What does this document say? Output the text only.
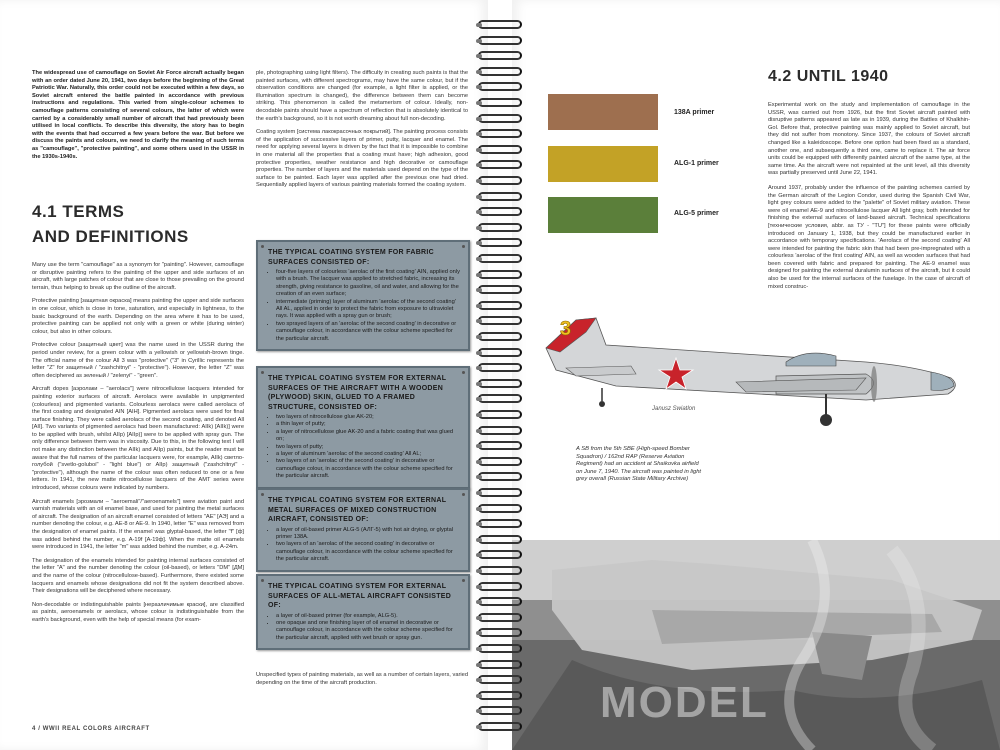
The widespread use of camouflage on Soviet Air Force aircraft actually began with an order dated June 20, 1941, two days before the beginning of the Great Patriotic War. Naturally, this order could not be executed within a few days, so Soviet aircraft entered the battle painted in accordance with previous instructions and regulations. This varied from single-colour schemes to camouflage patterns consisting of several colours, the latter of which were carried by a considerably small number of aircraft that had previously been utilised in local conflicts. To describe this diversity, the story has to begin with the events that had occurred a few years before the war. But before we discuss the paints and colours, we need to clarify the meaning of such terms as "camouflage", "protective painting", and some others used in the USSR in the 1930s-1940s.

4.1 TERMS
AND DEFINITIONS

Many use the term "camouflage" as a synonym for "painting". However, camouflage or disruptive painting refers to the painting of the upper and side surfaces of an aircraft, with large patches of colour that are close to those prevailing on the ground terrain, thus helping to break up the outline of the aircraft.

Protective painting [защитная окраска] means painting the upper and side surfaces in one colour, which is close in tone, saturation, and especially in lightness, to the basic background of the earth. Depending on the area where it has to be used, protective painting can be applied not only with a green or white (during winter) colour, but also in other colours.

Protective colour [защитный цвет] was the name used in the USSR during the period under review, for a green colour with a yellowish or yellowish-brown tinge. The official name of the colour All 3 was "protective" ("3" in Cyrillic represents the letter "Z" for защитный / "zashchitnyi" - "protective"). However, the letter "Z" was often deciphered as зеленый / "zelenyi" - "green".

Aircraft dopes [аэролаки – "aerolacs"] were nitrocellulose lacquers intended for painting exterior surfaces of aircraft. Aerolacs were available in unpigmented (colourless) and pigmented variants. Colourless aerolacs were called aerolacs of the first coating and designated AIN [АІН]. Pigmented aerolacs were used for final surface finishing. They were called aerolacs of the second coating, and denoted All [АІІ]. Two variants of pigmented aerolacs had been manufactured: AIIk) [AIIk)] were to be applied with brush, whilst AIIp) [AIIp)] were to be applied with spray gun. The only difference between them was in viscosity. Due to this, in the following text I will not make any distinction between the AIIk) and AIIp) paints, but the reader must be aware that the full names of the particular lacquers were, for example, AIIk) светло-голубой ("svetlo-goluboi" - "light blue") or AIIp) защитный ("zashchitnyi" - "protective"), although the name of the colour was often reduced to one or a few letters. In 1941, the new matte nitrocellulose lacquers of the AMT series were introduced, whose colours were indicated by numbers.

Aircraft enamels [эрозмали – "aeroemali"/"aeroenamels"] were aviation paint and varnish materials with an oil enamel base, and used for painting the metal surfaces of aircraft. The designation of an aircraft enamel consisted of letters "AE" [АЭ] and a number denoting the colour, e.g. AE-8 or AE-9. In 1940, letter "E" was removed from the designation of enamel paints. If the enamel was glyptal-based, the letter "f" [ф] was added behind the number, e.g. A-19f [А-19ф]. When the matte oil enamels were introduced in 1941, the letter "m" was added behind the number, e.g. A-24m.

The designation of the enamels intended for painting internal surfaces consisted of the letter "A" and the number denoting the colour (oil-based), or letters "DM" [ДМ] and the name of the colour (nitrocellulose-based). Furthermore, there existed some lacquers and enamels whose designations did not fit the system described above. Their designations will be deciphered where necessary.

Non-decodable or indistinguishable paints [неразличимые краски], are classified as paints, aeroenamels or aerolacs, whose colour is indistinguishable from the earth's background, even with the help of special means (for exam-

ple, photographing using light filters). The difficulty in creating such paints is that the painted surfaces, with different spectrograms, may have the same colour, but if the observation conditions are changed (for example, a light filter is applied, or the illumination spectrum is changed), the difference between them can become striking. This phenomenon is called the metamerism of colour. Ideally, non-decodable paints should have a spectrum of reflection that is absolutely identical to the earth's background, so it is not worth dreaming about full non-decoding.

Coating system [система лакокрасочных покрытий]. The painting process consists of the application of successive layers of primer, putty, lacquer and enamel. The need for applying several layers is driven by the fact that it is impossible to combine in one material all the properties that a coating must have; high adhesion, good protective properties, weather resistance and high decorative or camouflage properties. The number of layers and the materials used depend on the type of the surface to be painted. Each layer was applied after the previous one had dried. Sequentially applied layers of various painting materials formed the coating system.

THE TYPICAL COATING SYSTEM FOR FABRIC SURFACES CONSISTED OF:
• four-five layers of colourless 'aerolac of the first coating' AIN, applied only with a brush. The lacquer was applied to stretched fabric, increasing its strength, giving resistance to gasoline, oil and water, and allowing for the creation of an even surface;
• intermediate (priming) layer of aluminum 'aerolac of the second coating' All AL, applied in order to protect the fabric from exposure to ultraviolet rays. It was applied with a spray gun or brush;
• two sprayed layers of an 'aerolac of the second coating' in decorative or camouflage colour, in accordance with the colour scheme specified for the particular aircraft.
THE TYPICAL COATING SYSTEM FOR EXTERNAL SURFACES OF THE AIRCRAFT WITH A WOODEN (PLYWOOD) SKIN, GLUED TO A FRAMED STRUCTURE, CONSISTED OF:
• two layers of nitrocellulose glue AK-20;
• a thin layer of putty;
• a layer of nitrocellulose glue AK-20 and a fabric coating that was glued on;
• two layers of putty;
• a layer of aluminum 'aerolac of the second coating' All AL;
• two layers of an 'aerolac of the second coating' in decorative or camouflage colour, in accordance with the colour scheme specified for the particular aircraft.
THE TYPICAL COATING SYSTEM FOR EXTERNAL METAL SURFACES OF MIXED CONSTRUCTION AIRCRAFT, CONSISTED OF:
• a layer of oil-based primer ALG-5 (АЛГ-5) with hot air drying, or glyptal primer 138A.
• two layers of an 'aerolac of the second coating' in decorative or camouflage colour, in accordance with the colour scheme specified for the particular aircraft.
THE TYPICAL COATING SYSTEM FOR EXTERNAL SURFACES OF ALL-METAL AIRCRAFT CONSISTED OF:
• a layer of oil-based primer (for example, ALG-5).
• one opaque and one finishing layer of oil enamel in decorative or camouflage colour, in accordance with the colour scheme specified for the particular aircraft, applied with wet brush or spray gun.

Unspecified types of painting materials, as well as a number of certain layers, varied depending on the time of the aircraft production.

4 / WWII REAL COLORS AIRCRAFT
4.2 UNTIL 1940
138A primer
ALG-1 primer
ALG-5 primer

Experimental work on the study and implementation of camouflage in the USSR, was carried out from 1926, but the first Soviet aircraft painted with disruptive patterns appeared as late as in 1939, during the Battles of Khalkhin-Gol. Before that, protective painting was mainly applied to Soviet aircraft, but they did not suffer from monotony. Since 1937, the colours of Soviet aircraft changed like a kaleidoscope. Before one option had been fixed as a standard, another one, and subsequently a third one, came to replace it. The air force units could be equipped with differently painted aircraft of the same type, at the same time. As the aircraft were not repainted at the unit level, all this diversity was partially preserved until June 22, 1941.

Around 1937, probably under the influence of the painting schemes carried by the German aircraft of the Legion Condor, used during the Spanish Civil War, light grey colours were added to the "palette" of Soviet military aviation. These were oil enamel AE-9 and nitrocellulose lacquer All light gray, both intended for finishing the external surfaces of land-based aircraft. Technical specifications [технические условия, abbr. as ТУ - "TU"] for these paints were officially introduced on January 1, 1938, but they could be manufactured earlier in accordance with temporary specifications. 'Aerolacs of the second coating' All were intended for painting the fabric skin that had been pre-impregnated with a colourless 'aerolac of the first coating' AIN, as well as wooden surfaces that had been covered with fabric and prepared for painting. The AE-9 enamel was designed for painting the external duralumin surfaces of the aircraft, but it could also be used for the internal surfaces of the fuselage. In the case of aircraft of mixed construc-

3
Janusz Swiatlon

A SB from the 5th SBE (High-speed Bomber Squadron) / 162nd RAP (Reserve Aviation Regiment) had an accident at Shaikovka airfield on June 7, 1940. The aircraft was painted in light grey overall (Russian State Military Archive)

MODEL
